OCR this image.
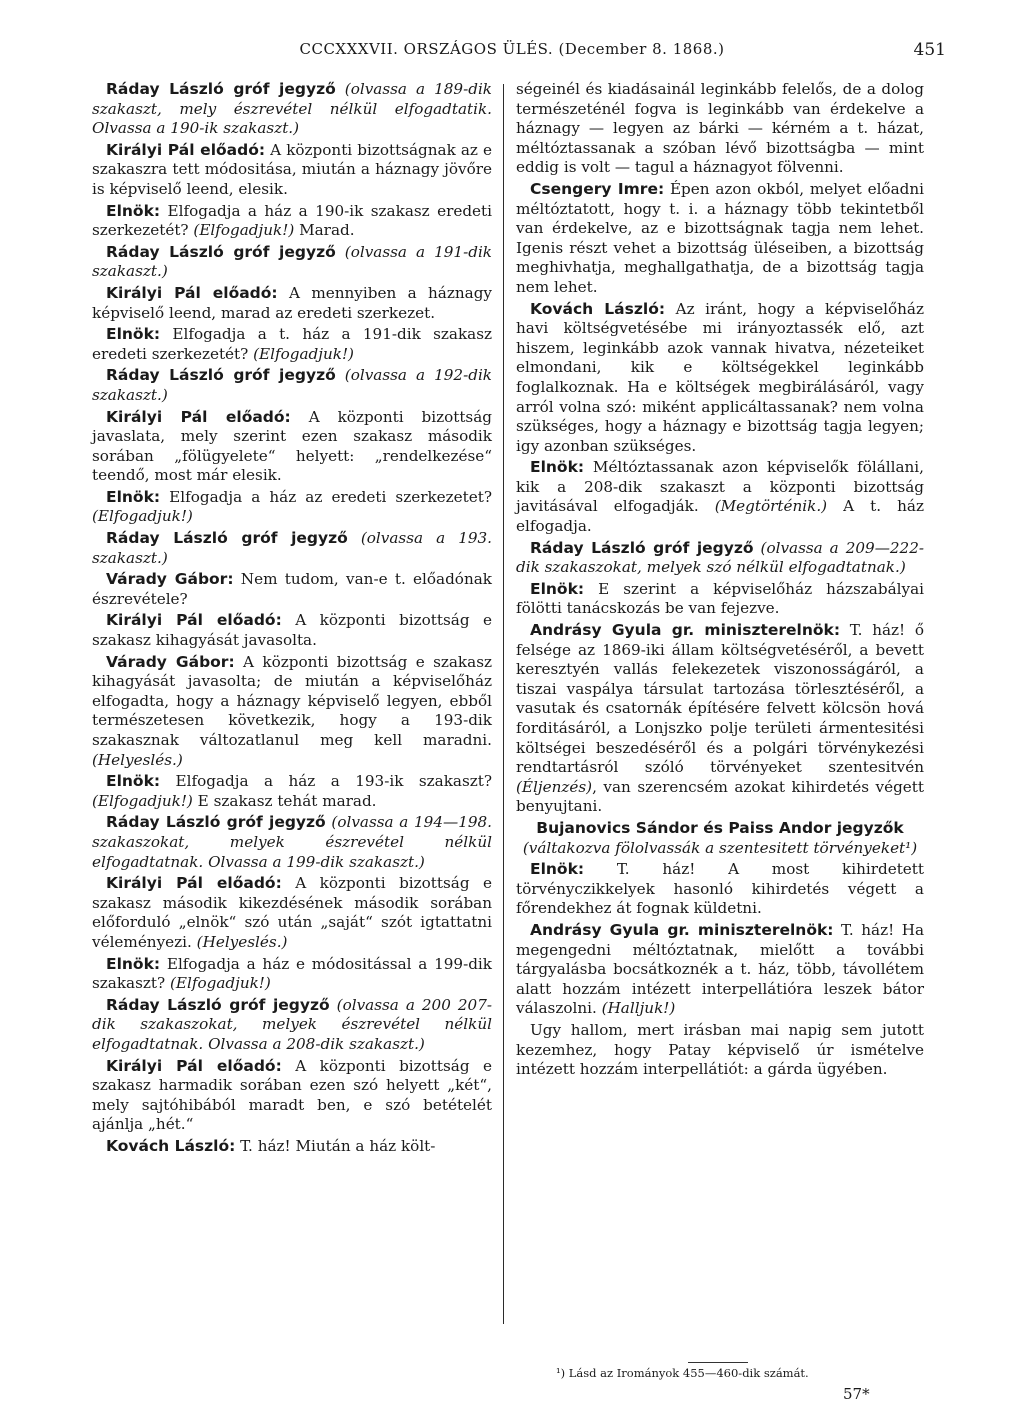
CCCXXXVII. ORSZÁGOS ÜLÉS. (December 8. 1868.)	451

Ráday László gróf jegyző (olvassa a 189-dik szakaszt, mely észrevétel nélkül elfogadtatik. Olvassa a 190-ik szakaszt.)

Királyi Pál előadó: A központi bizottságnak az e szakaszra tett módositása, miután a háznagy jövőre is képviselő leend, elesik.

Elnök: Elfogadja a ház a 190-ik szakasz eredeti szerkezetét? (Elfogadjuk!) Marad.

Ráday László gróf jegyző (olvassa a 191-dik szakaszt.)

Királyi Pál előadó: A mennyiben a háznagy képviselő leend, marad az eredeti szerkezet.

Elnök: Elfogadja a t. ház a 191-dik szakasz eredeti szerkezetét? (Elfogadjuk!)

Ráday László gróf jegyző (olvassa a 192-dik szakaszt.)

Királyi Pál előadó: A központi bizottság javaslata, mely szerint ezen szakasz második sorában „fölügyelete“ helyett: „rendelkezése“ teendő, most már elesik.

Elnök: Elfogadja a ház az eredeti szerkezetet? (Elfogadjuk!)

Ráday László gróf jegyző (olvassa a 193. szakaszt.)

Várady Gábor: Nem tudom, van-e t. előadónak észrevétele?

Királyi Pál előadó: A központi bizottság e szakasz kihagyását javasolta.

Várady Gábor: A központi bizottság e szakasz kihagyását javasolta; de miután a képviselőház elfogadta, hogy a háznagy képviselő legyen, ebből természetesen következik, hogy a 193-dik szakasznak változatlanul meg kell maradni. (Helyeslés.)

Elnök: Elfogadja a ház a 193-ik szakaszt? (Elfogadjuk!) E szakasz tehát marad.

Ráday László gróf jegyző (olvassa a 194—198. szakaszokat, melyek észrevétel nélkül elfogadtatnak. Olvassa a 199-dik szakaszt.)

Királyi Pál előadó: A központi bizottság e szakasz második kikezdésének második sorában előforduló „elnök“ szó után „saját“ szót igtattatni véleményezi. (Helyeslés.)

Elnök: Elfogadja a ház e módositással a 199-dik szakaszt? (Elfogadjuk!)

Ráday László gróf jegyző (olvassa a 200 207-dik szakaszokat, melyek észrevétel nélkül elfogadtatnak. Olvassa a 208-dik szakaszt.)

Királyi Pál előadó: A központi bizottság e szakasz harmadik sorában ezen szó helyett „két“, mely sajtóhibából maradt ben, e szó betételét ajánlja „hét.“

Kovách László: T. ház! Miután a ház költ-

ségeinél és kiadásainál leginkább felelős, de a dolog természeténél fogva is leginkább van érdekelve a háznagy — legyen az bárki — kérném a t. házat, méltóztassanak a szóban lévő bizottságba — mint eddig is volt — tagul a háznagyot fölvenni.

Csengery Imre: Épen azon okból, melyet előadni méltóztatott, hogy t. i. a háznagy több tekintetből van érdekelve, az e bizottságnak tagja nem lehet. Igenis részt vehet a bizottság üléseiben, a bizottság meghivhatja, meghallgathatja, de a bizottság tagja nem lehet.

Kovách László: Az iránt, hogy a képviselőház havi költségvetésébe mi irányoztassék elő, azt hiszem, leginkább azok vannak hivatva, nézeteiket elmondani, kik e költségekkel leginkább foglalkoznak. Ha e költségek megbirálásáról, vagy arról volna szó: miként applicáltassanak? nem volna szükséges, hogy a háznagy e bizottság tagja legyen; igy azonban szükséges.

Elnök: Méltóztassanak azon képviselők fölállani, kik a 208-dik szakaszt a központi bizottság javitásával elfogadják. (Megtörténik.) A t. ház elfogadja.

Ráday László gróf jegyző (olvassa a 209—222-dik szakaszokat, melyek szó nélkül elfogadtatnak.)

Elnök: E szerint a képviselőház házszabályai fölötti tanácskozás be van fejezve.

Andrásy Gyula gr. miniszterelnök: T. ház! ő felsége az 1869-iki állam költségvetéséről, a bevett keresztyén vallás felekezetek viszonosságáról, a tiszai vaspálya társulat tartozása törlesztéséről, a vasutak és csatornák építésére felvett kölcsön hová forditásáról, a Lonjszko polje területi ármentesitési költségei beszedéséről és a polgári törvénykezési rendtartásról szóló törvényeket szentesitvén (Éljenzés), van szerencsém azokat kihirdetés végett benyujtani.

Bujanovics Sándor és Paiss Andor jegyzők (váltakozva fölolvassák a szentesitett törvényeket¹)

Elnök: T. ház! A most kihirdetett törvényczikkelyek hasonló kihirdetés végett a főrendekhez át fognak küldetni.

Andrásy Gyula gr. miniszterelnök: T. ház! Ha megengedni méltóztatnak, mielőtt a további tárgyalásba bocsátkoznék a t. ház, több, távollétem alatt hozzám intézett interpellátióra leszek bátor válaszolni. (Halljuk!)

Ugy hallom, mert irásban mai napig sem jutott kezemhez, hogy Patay képviselő úr ismételve intézett hozzám interpellátiót: a gárda ügyében.

¹) Lásd az Irományok 455—460-dik számát.
57*
